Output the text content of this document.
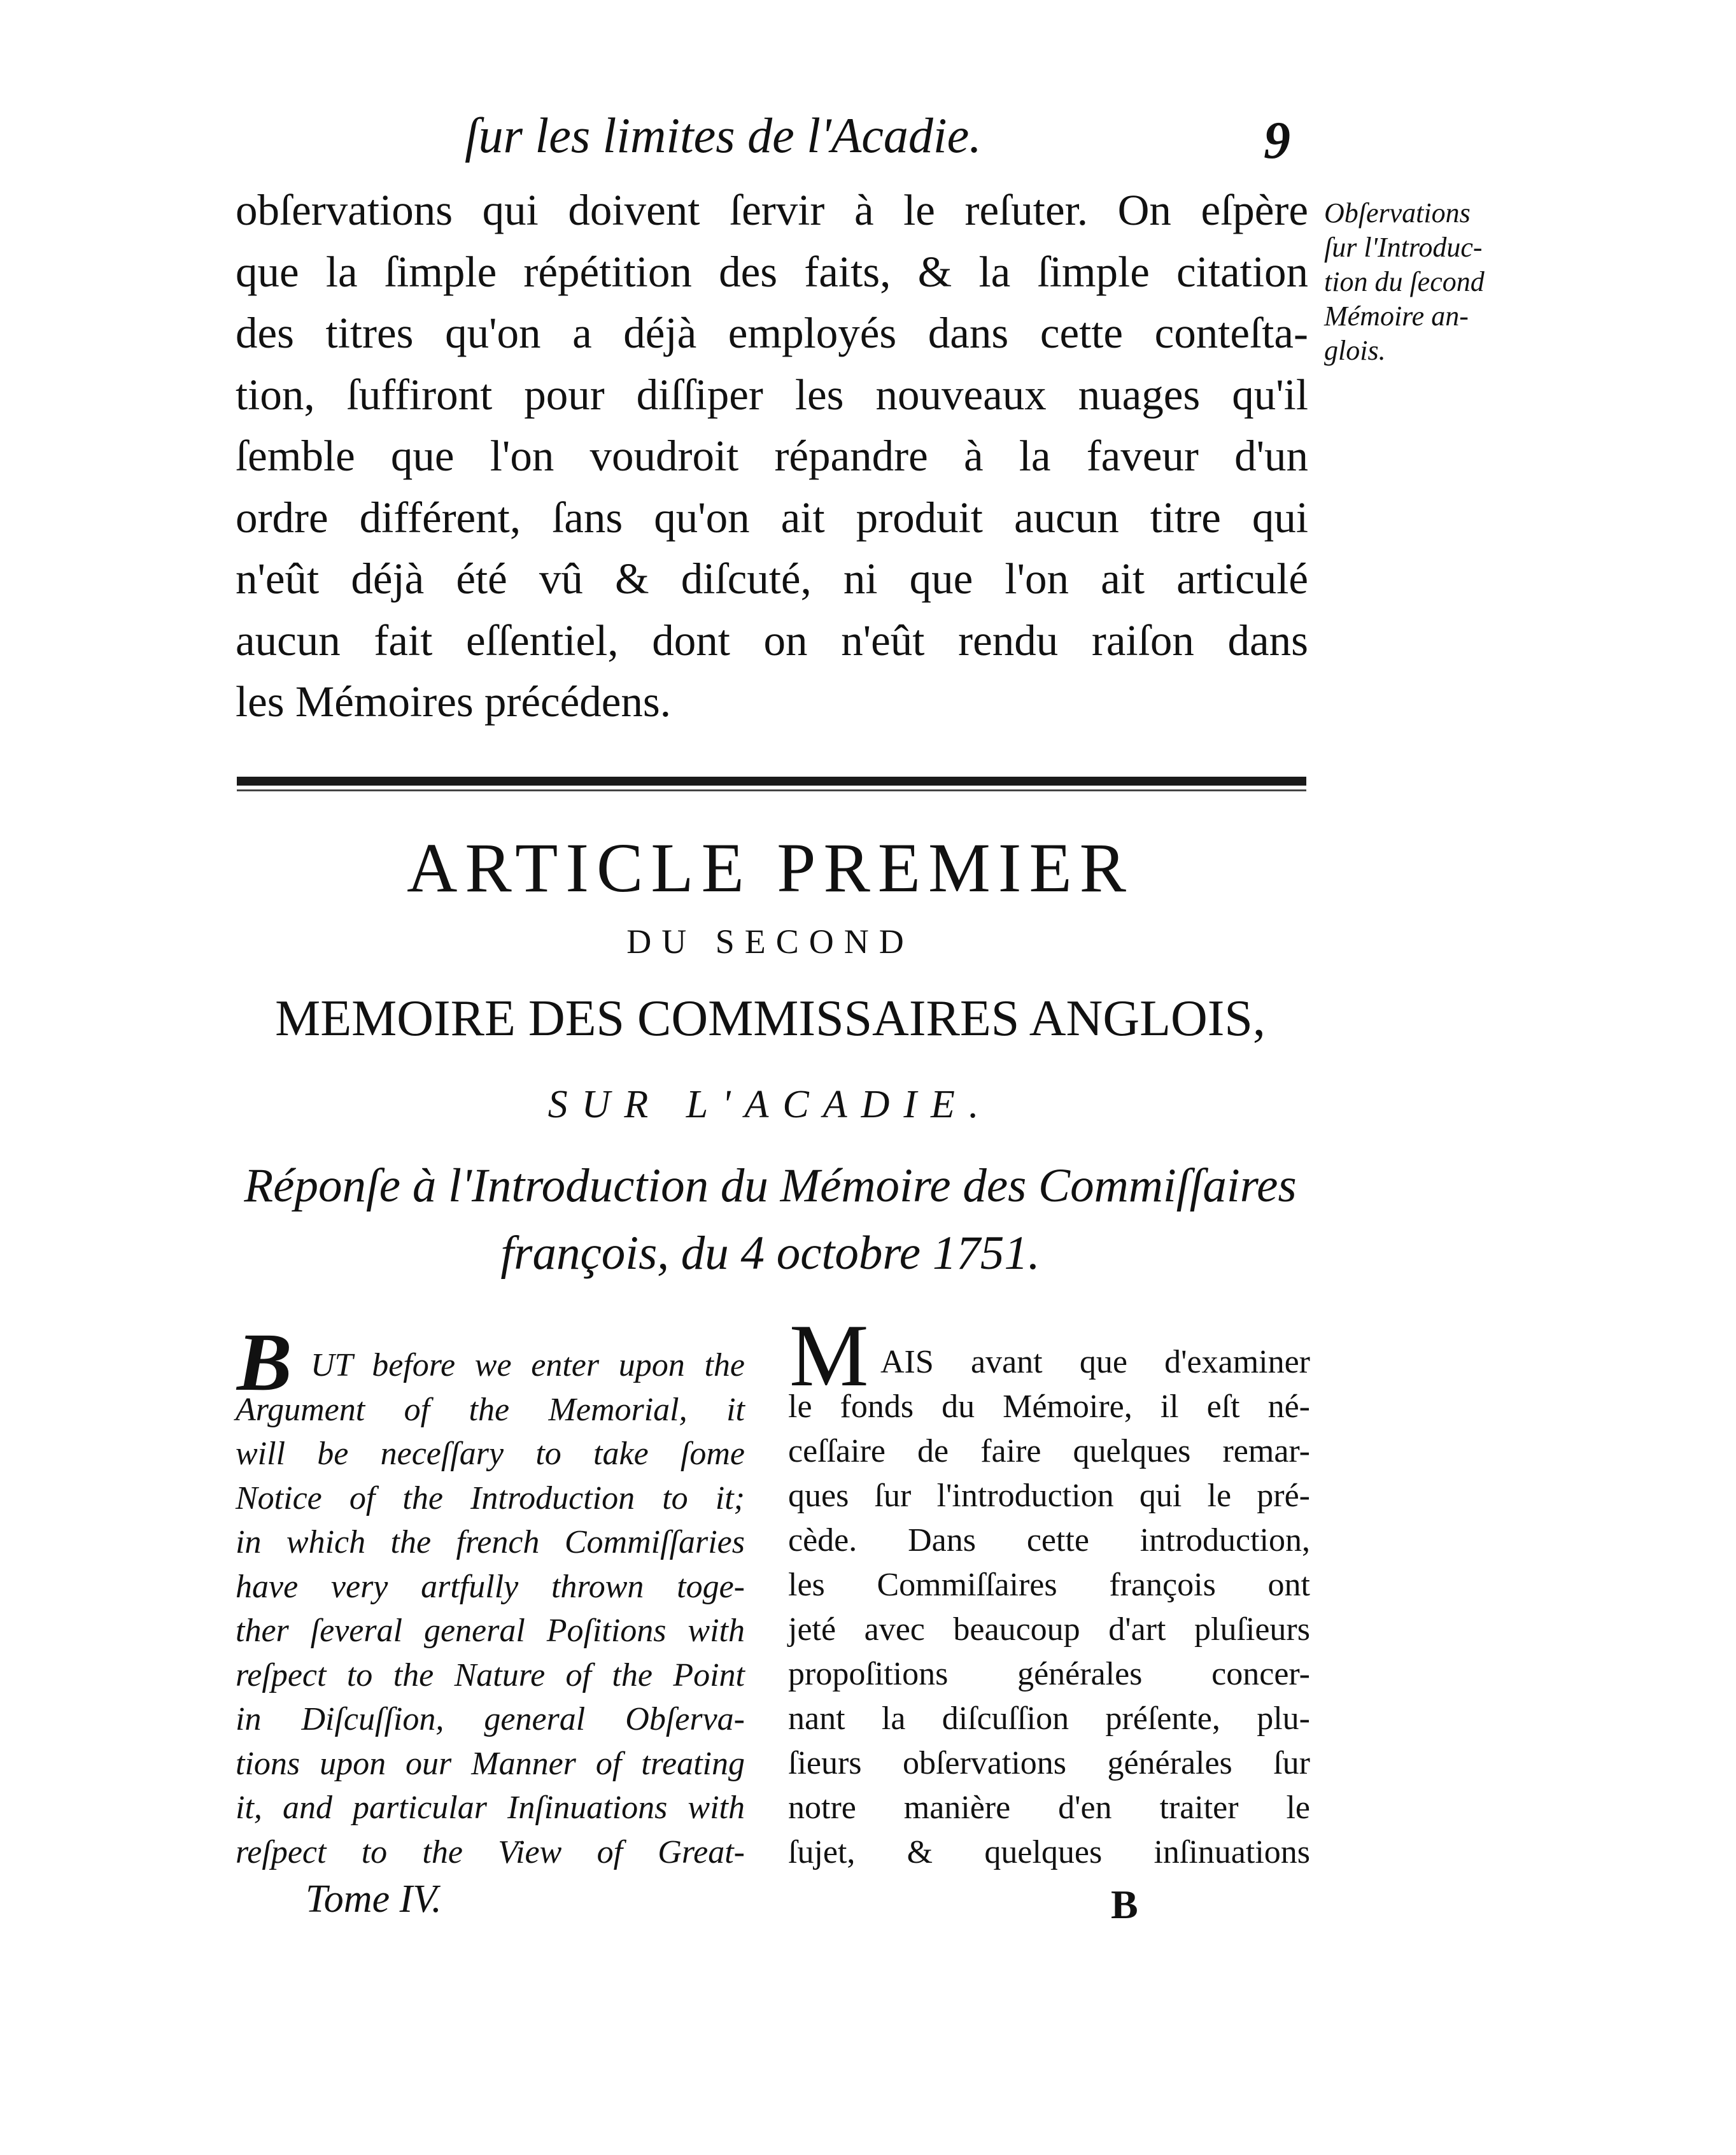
ſur les limites de l'Acadie.	9

obſervations qui doivent ſervir à le reſuter. On eſpère
que la ſimple répétition des faits, & la ſimple citation
des titres qu'on a déjà employés dans cette conteſta-
tion, ſuffiront pour diſſiper les nouveaux nuages qu'il
ſemble que l'on voudroit répandre à la faveur d'un
ordre différent, ſans qu'on ait produit aucun titre qui
n'eût déjà été vû & diſcuté, ni que l'on ait articulé
aucun fait eſſentiel, dont on n'eût rendu raiſon dans
les Mémoires précédens.

Obſervations
ſur l'Introduc-
tion du ſecond
Mémoire an-
glois.
ARTICLE PREMIER
DU SECOND
MEMOIRE DES COMMISSAIRES ANGLOIS,
SUR L'ACADIE.
Réponſe à l'Introduction du Mémoire des Commiſſaires
françois, du 4 octobre 1751.
B UT before we enter upon the
Argument of the Memorial, it
will be neceſſary to take ſome
Notice of the Introduction to it;
in which the french Commiſſaries
have very artfully thrown toge-
ther ſeveral general Poſitions with
reſpect to the Nature of the Point
in Diſcuſſion, general Obſerva-
tions upon our Manner of treating
it, and particular Inſinuations with
reſpect to the View of Great-
M AIS avant que d'examiner
le fonds du Mémoire, il eſt né-
ceſſaire de faire quelques remar-
ques ſur l'introduction qui le pré-
cède. Dans cette introduction,
les Commiſſaires françois ont
jeté avec beaucoup d'art pluſieurs
propoſitions générales concer-
nant la diſcuſſion préſente, plu-
ſieurs obſervations générales ſur
notre manière d'en traiter le
ſujet, & quelques inſinuations
Tome IV.	B
